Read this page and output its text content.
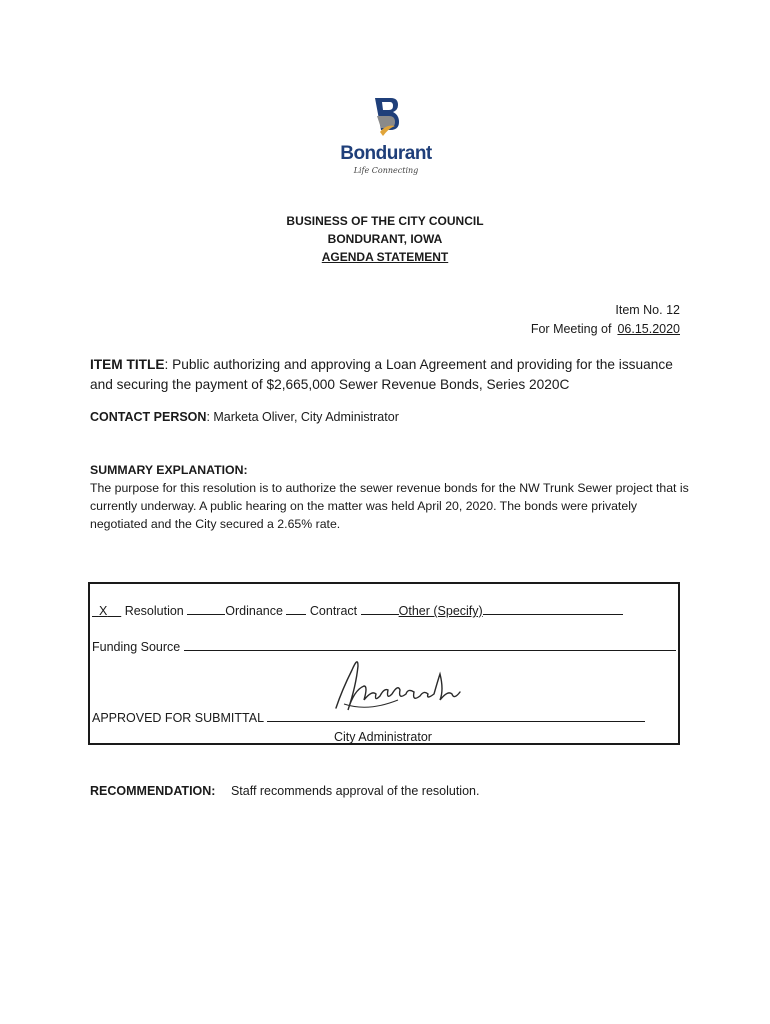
Bondurant
Life Connecting
BUSINESS OF THE CITY COUNCIL
BONDURANT, IOWA
AGENDA STATEMENT
Item No. 12
For Meeting of 06.15.2020
ITEM TITLE: Public authorizing and approving a Loan Agreement and providing for the issuance and securing the payment of $2,665,000 Sewer Revenue Bonds, Series 2020C
CONTACT PERSON: Marketa Oliver, City Administrator
SUMMARY EXPLANATION:
The purpose for this resolution is to authorize the sewer revenue bonds for the NW Trunk Sewer project that is currently underway. A public hearing on the matter was held April 20, 2020. The bonds were privately negotiated and the City secured a 2.65% rate.
X Resolution	Ordinance Contract	Other (Specify)
Funding Source
APPROVED FOR SUBMITTAL
City Administrator
RECOMMENDATION: Staff recommends approval of the resolution.
